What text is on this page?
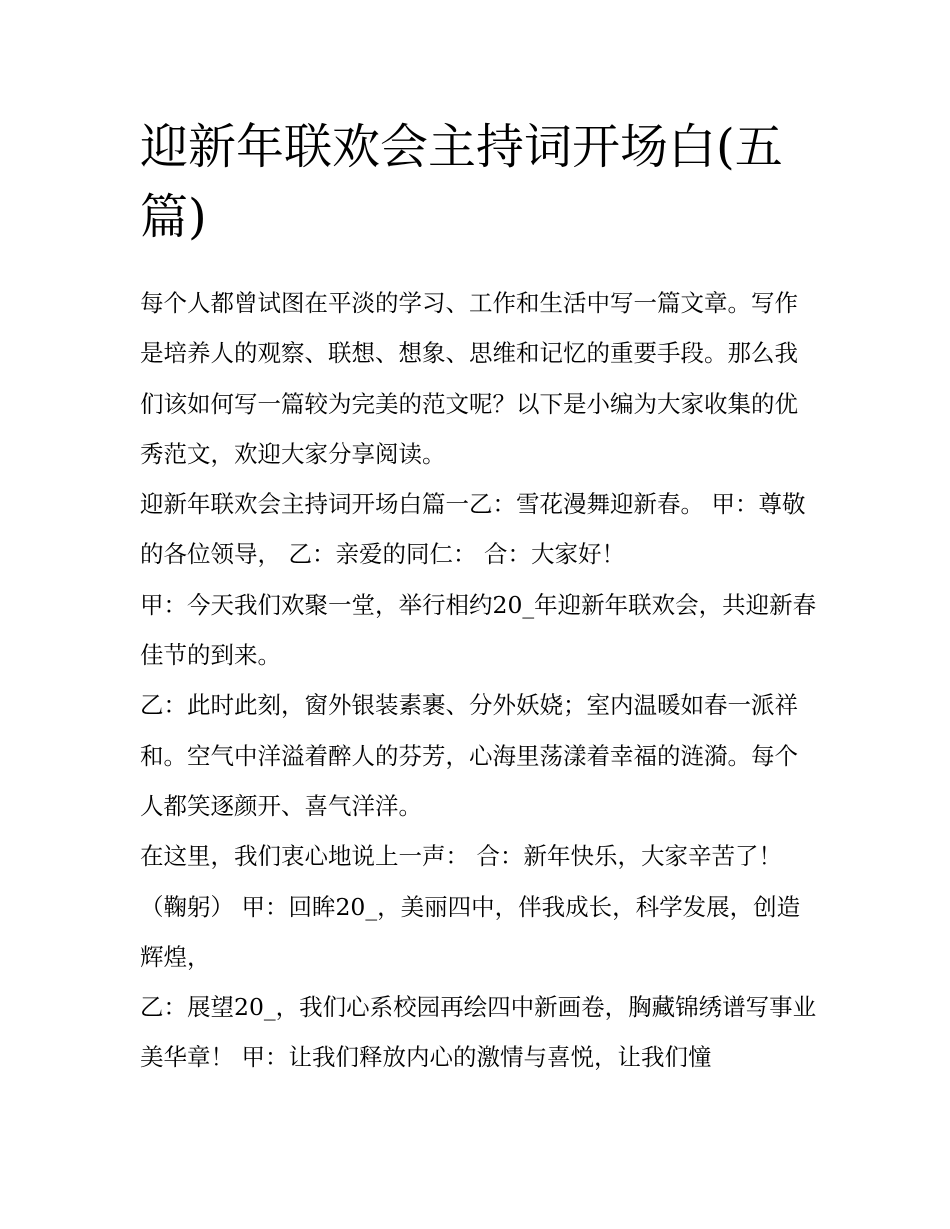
迎新年联欢会主持词开场白(五篇)

每个人都曾试图在平淡的学习、工作和生活中写一篇文章。写作是培养人的观察、联想、想象、思维和记忆的重要手段。那么我们该如何写一篇较为完美的范文呢？以下是小编为大家收集的优秀范文，欢迎大家分享阅读。

迎新年联欢会主持词开场白篇一乙：雪花漫舞迎新春。 甲：尊敬的各位领导， 乙：亲爱的同仁： 合：大家好！

甲：今天我们欢聚一堂，举行相约20_年迎新年联欢会，共迎新春佳节的到来。

乙：此时此刻，窗外银装素裹、分外妖娆；室内温暖如春一派祥和。空气中洋溢着醉人的芬芳，心海里荡漾着幸福的涟漪。每个人都笑逐颜开、喜气洋洋。

在这里，我们衷心地说上一声： 合：新年快乐，大家辛苦了！（鞠躬） 甲：回眸20_，美丽四中，伴我成长，科学发展，创造辉煌，

乙：展望20_，我们心系校园再绘四中新画卷，胸藏锦绣谱写事业美华章！ 甲：让我们释放内心的激情与喜悦，让我们憧
